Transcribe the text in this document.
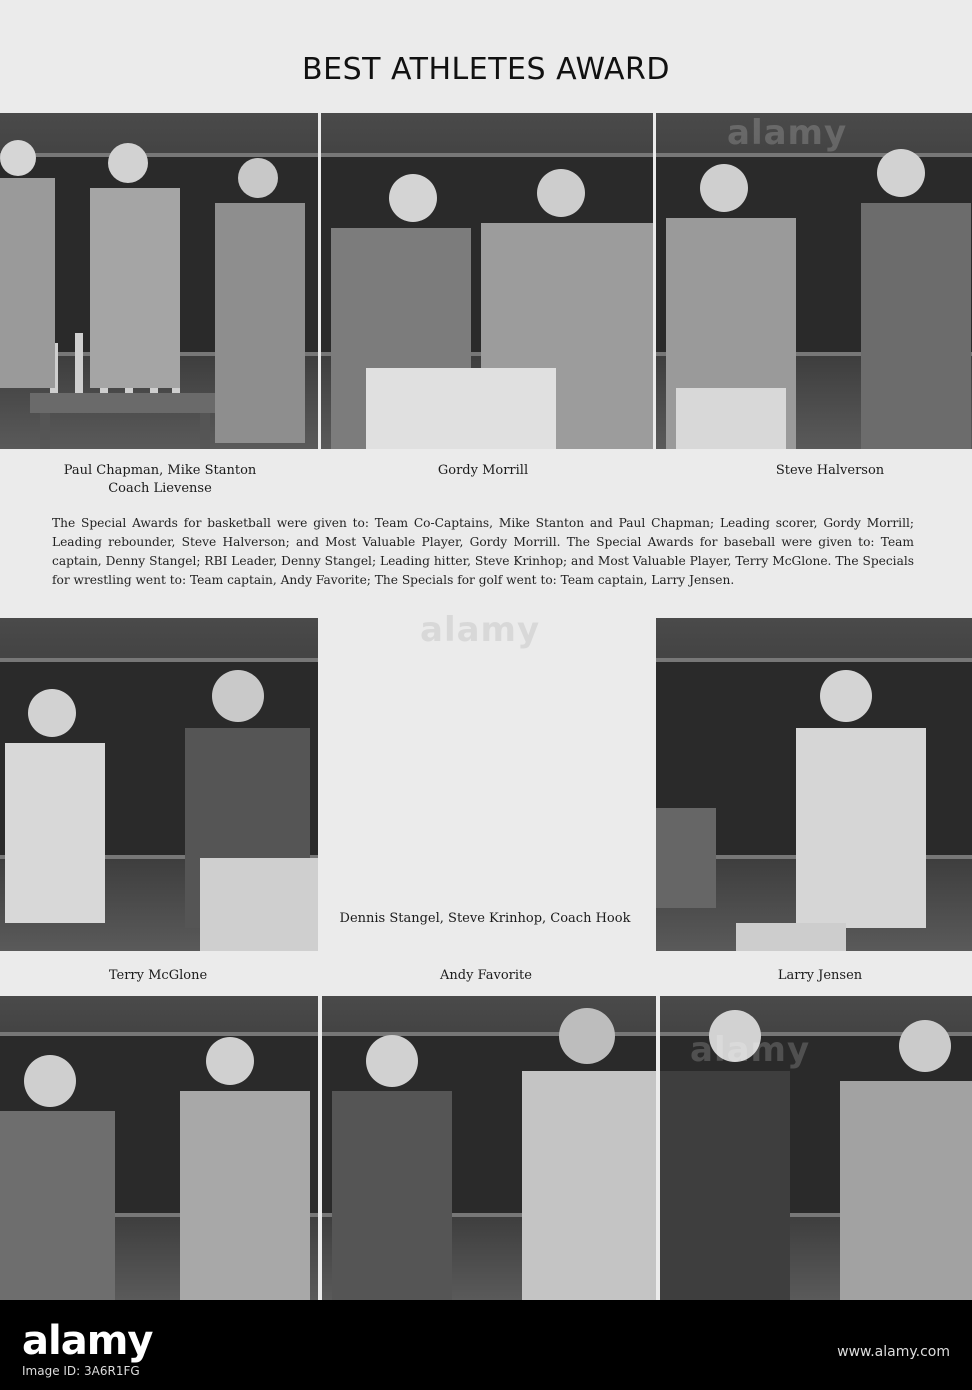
BEST ATHLETES AWARD
Paul Chapman, Mike Stanton
Coach Lievense
Gordy Morrill	Steve Halverson
The Special Awards for basketball were given to: Team Co-Captains, Mike Stanton and Paul Chapman; Leading scorer, Gordy Morrill; Leading rebounder, Steve Halverson; and Most Valuable Player, Gordy Morrill. The Special Awards for baseball were given to: Team captain, Denny Stangel; RBI Leader, Denny Stangel; Leading hitter, Steve Krinhop; and Most Valuable Player, Terry McGlone. The Specials for wrestling went to: Team captain, Andy Favorite; The Specials for golf went to: Team captain, Larry Jensen.
Dennis Stangel, Steve Krinhop, Coach Hook
Terry McGlone	Andy Favorite	Larry Jensen
alamy
alamy
Image ID: 3A6R1FG
www.alamy.com
